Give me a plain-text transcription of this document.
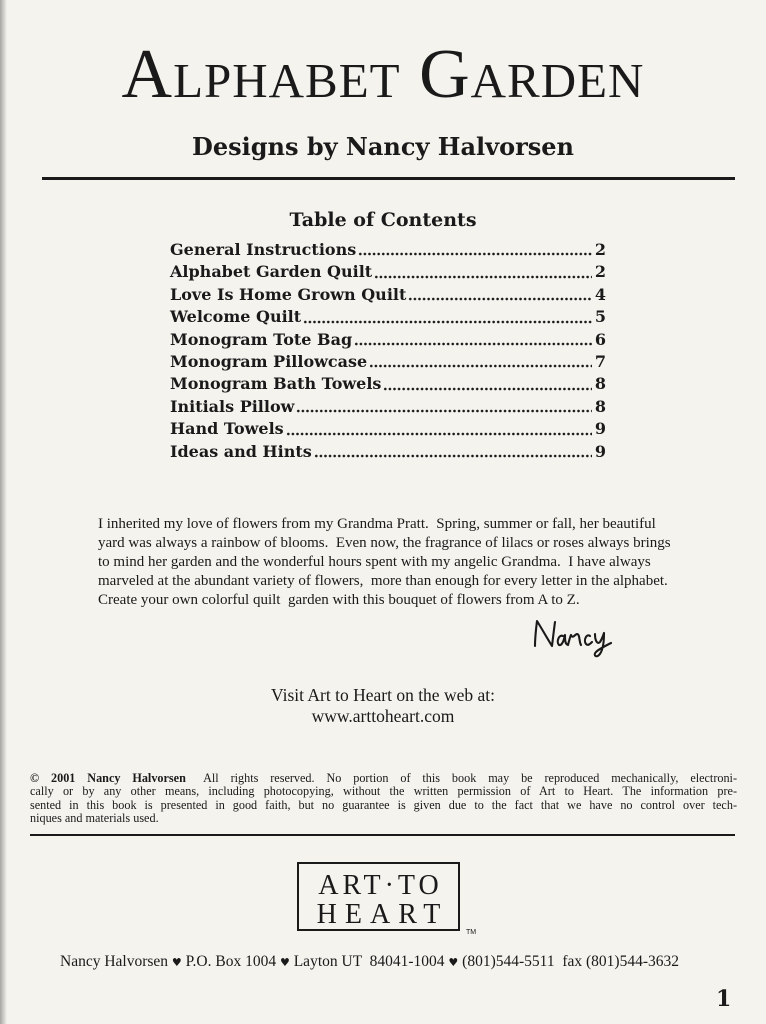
Alphabet Garden
Designs by Nancy Halvorsen
Table of Contents
General Instructions	2
Alphabet Garden Quilt	2
Love Is Home Grown Quilt	4
Welcome Quilt	5
Monogram Tote Bag	6
Monogram Pillowcase	7
Monogram Bath Towels	8
Initials Pillow	8
Hand Towels	9
Ideas and Hints	9
I inherited my love of flowers from my Grandma Pratt.  Spring, summer or fall, her beautiful
yard was always a rainbow of blooms.  Even now, the fragrance of lilacs or roses always brings
to mind her garden and the wonderful hours spent with my angelic Grandma.  I have always
marveled at the abundant variety of flowers,  more than enough for every letter in the alphabet.
Create your own colorful quilt  garden with this bouquet of flowers from A to Z.
Visit Art to Heart on the web at:
www.arttoheart.com
© 2001 Nancy Halvorsen All rights reserved. No portion of this book may be reproduced mechanically, electroni-
cally or by any other means, including photocopying, without the written permission of Art to Heart. The information pre-
sented in this book is presented in good faith, but no guarantee is given due to the fact that we have no control over tech-
niques and materials used.
ART·TO
HEART
TM
Nancy Halvorsen ♥ P.O. Box 1004 ♥ Layton UT  84041-1004 ♥ (801)544-5511 fax (801)544-3632
1
